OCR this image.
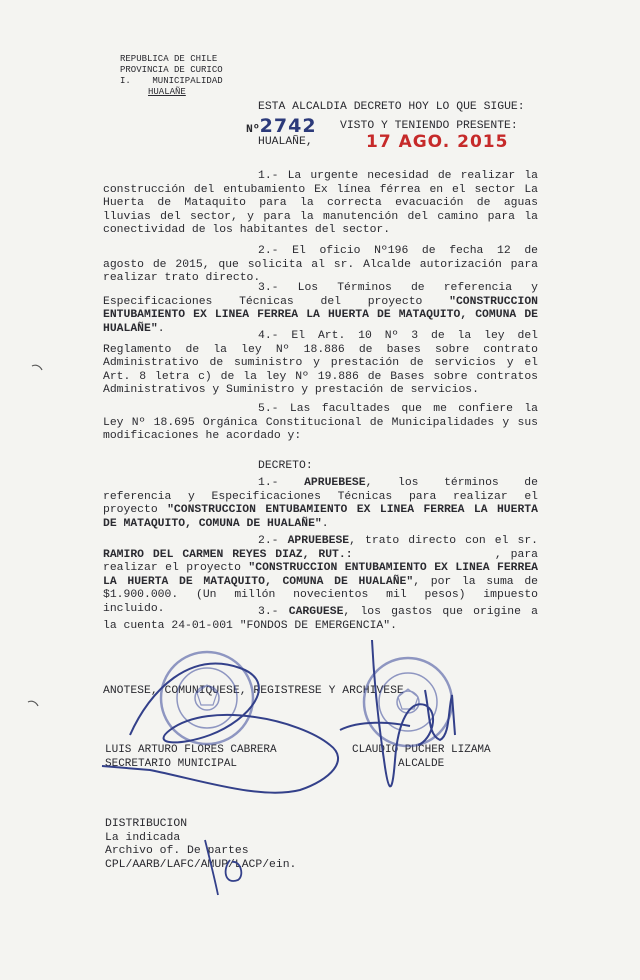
REPUBLICA DE CHILE
PROVINCIA DE CURICO
I.    MUNICIPALIDAD
HUALAÑE
ESTA ALCALDIA DECRETO HOY LO QUE SIGUE:
Nº2742 VISTO Y TENIENDO PRESENTE:
HUALAÑE,	17 AGO. 2015

1.- La urgente necesidad de realizar la construcción del entubamiento Ex línea férrea en el sector La Huerta de Mataquito para la correcta evacuación de aguas lluvias del sector, y para la manutención del camino para la conectividad de los habitantes del sector.

2.- El oficio Nº196 de fecha 12 de agosto de 2015, que solicita al sr. Alcalde autorización para realizar trato directo.

3.- Los Términos de referencia y Especificaciones Técnicas del proyecto "CONSTRUCCION ENTUBAMIENTO EX LINEA FERREA LA HUERTA DE MATAQUITO, COMUNA DE HUALAÑE".

4.- El Art. 10 Nº 3 de la ley del Reglamento de la ley Nº 18.886 de bases sobre contrato Administrativo de suministro y prestación de servicios y el Art. 8 letra c) de la ley Nº 19.886 de Bases sobre contratos Administrativos y Suministro y prestación de servicios.

5.- Las facultades que me confiere la Ley Nº 18.695 Orgánica Constitucional de Municipalidades y sus modificaciones he acordado y:

DECRETO:

1.- APRUEBESE, los términos de referencia y Especificaciones Técnicas para realizar el proyecto "CONSTRUCCION ENTUBAMIENTO EX LINEA FERREA LA HUERTA DE MATAQUITO, COMUNA DE HUALAÑE".

2.- APRUEBESE, trato directo con el sr. RAMIRO DEL CARMEN REYES DIAZ, RUT.:                , para realizar el proyecto "CONSTRUCCION ENTUBAMIENTO EX LINEA FERREA LA HUERTA DE MATAQUITO, COMUNA DE HUALAÑE", por la suma de $1.900.000. (Un millón novecientos mil pesos) impuesto incluido.	3.- CARGUESE, los gastos que origine a la cuenta 24-01-001 "FONDOS DE EMERGENCIA".

ANOTESE, COMUNIQUESE, REGISTRESE Y ARCHIVESE
LUIS ARTURO FLORES CABRERA
SECRETARIO MUNICIPAL
CLAUDIO PUCHER LIZAMA
ALCALDE
DISTRIBUCION
La indicada
Archivo of. De partes
CPL/AARB/LAFC/AMUP/LACP/ein.
